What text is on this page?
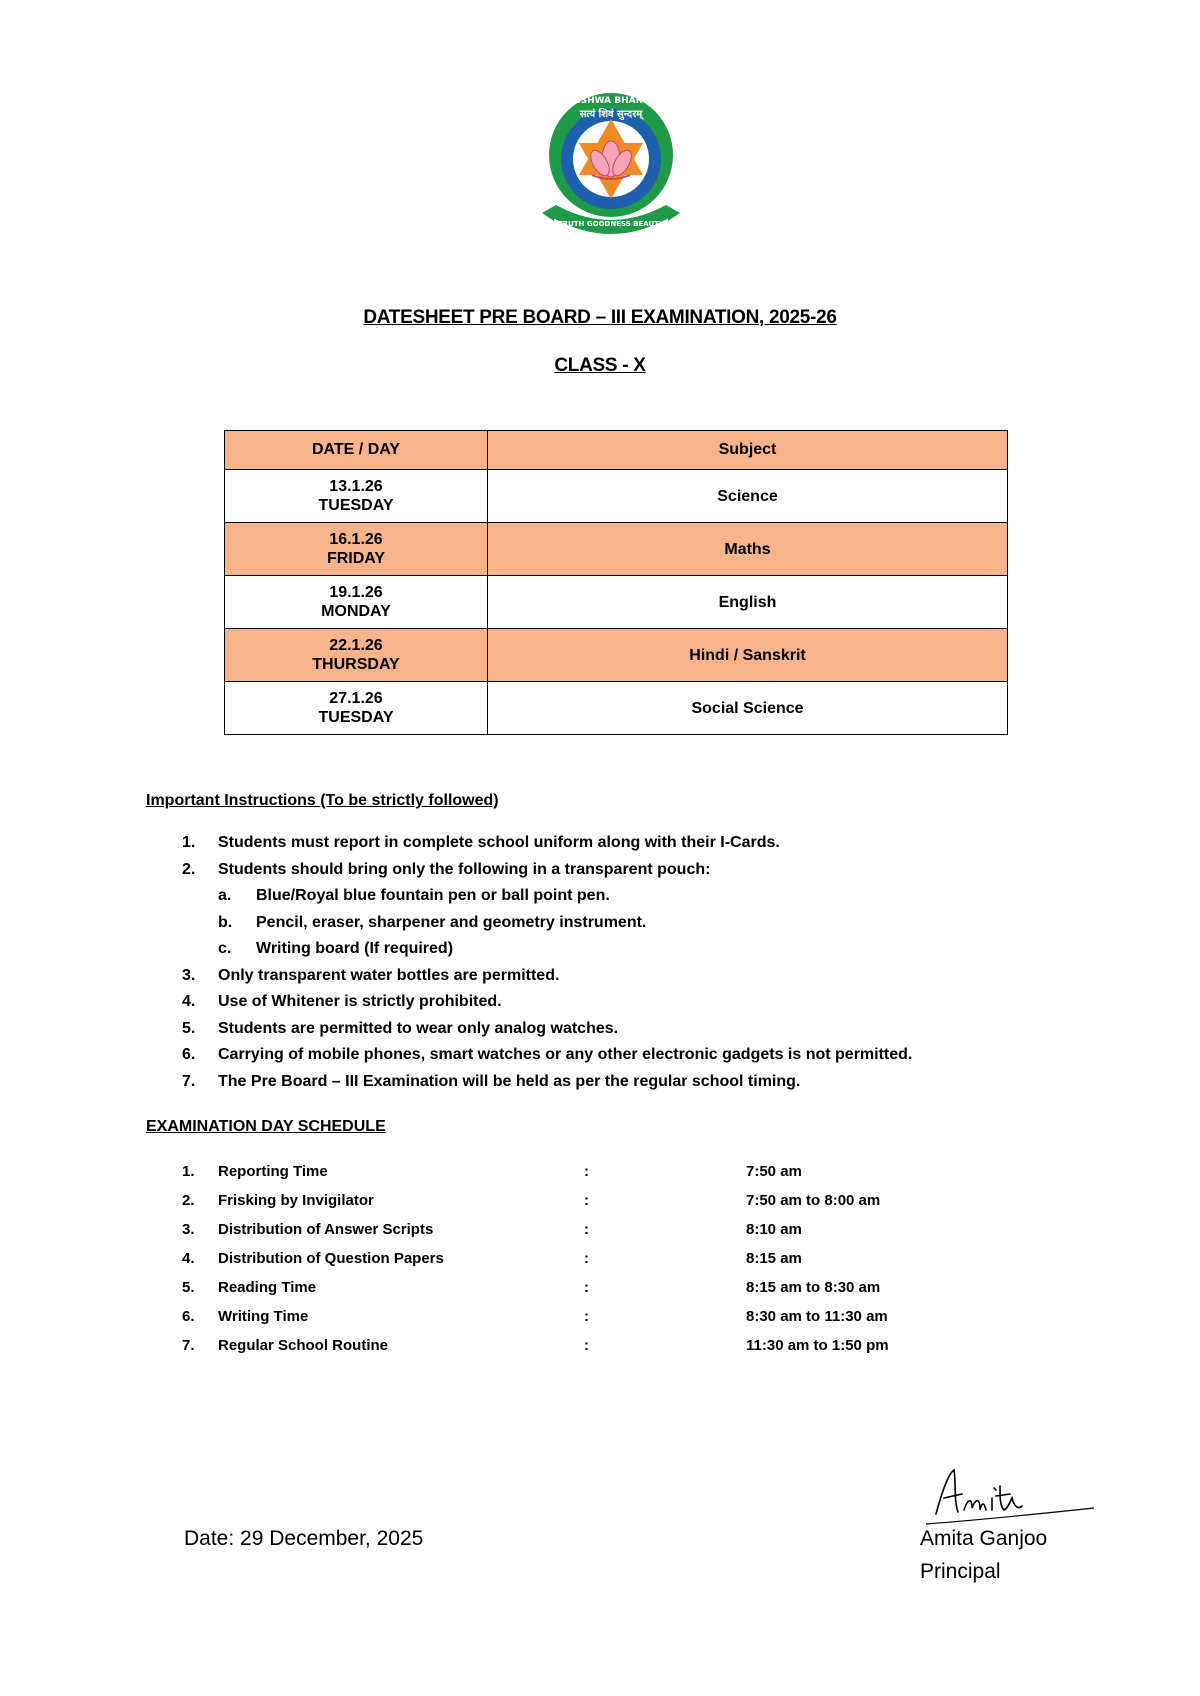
VISHWA BHARTI
सत्यं शिवं सुन्दरम्
TRUTH GOODNESS BEAUTY
DATESHEET PRE BOARD – III EXAMINATION, 2025-26
CLASS - X
DATE / DAY	Subject

13.1.26
TUESDAY	Science

16.1.26
FRIDAY	Maths

19.1.26
MONDAY	English

22.1.26
THURSDAY	Hindi / Sanskrit

27.1.26
TUESDAY	Social Science
Important Instructions (To be strictly followed)
1. Students must report in complete school uniform along with their I-Cards.
2. Students should bring only the following in a transparent pouch:
a. Blue/Royal blue fountain pen or ball point pen.
b. Pencil, eraser, sharpener and geometry instrument.
c. Writing board (If required)
3. Only transparent water bottles are permitted.
4. Use of Whitener is strictly prohibited.
5. Students are permitted to wear only analog watches.
6. Carrying of mobile phones, smart watches or any other electronic gadgets is not permitted.
7. The Pre Board – III Examination will be held as per the regular school timing.
EXAMINATION DAY SCHEDULE
1. Reporting Time	:	7:50 am
2. Frisking by Invigilator	:	7:50 am to 8:00 am
3. Distribution of Answer Scripts	:	8:10 am
4. Distribution of Question Papers	:	8:15 am
5. Reading Time	:	8:15 am to 8:30 am
6. Writing Time	:	8:30 am to 11:30 am
7. Regular School Routine	:	11:30 am to 1:50 pm
Date: 29 December, 2025	Amita Ganjoo
Principal
